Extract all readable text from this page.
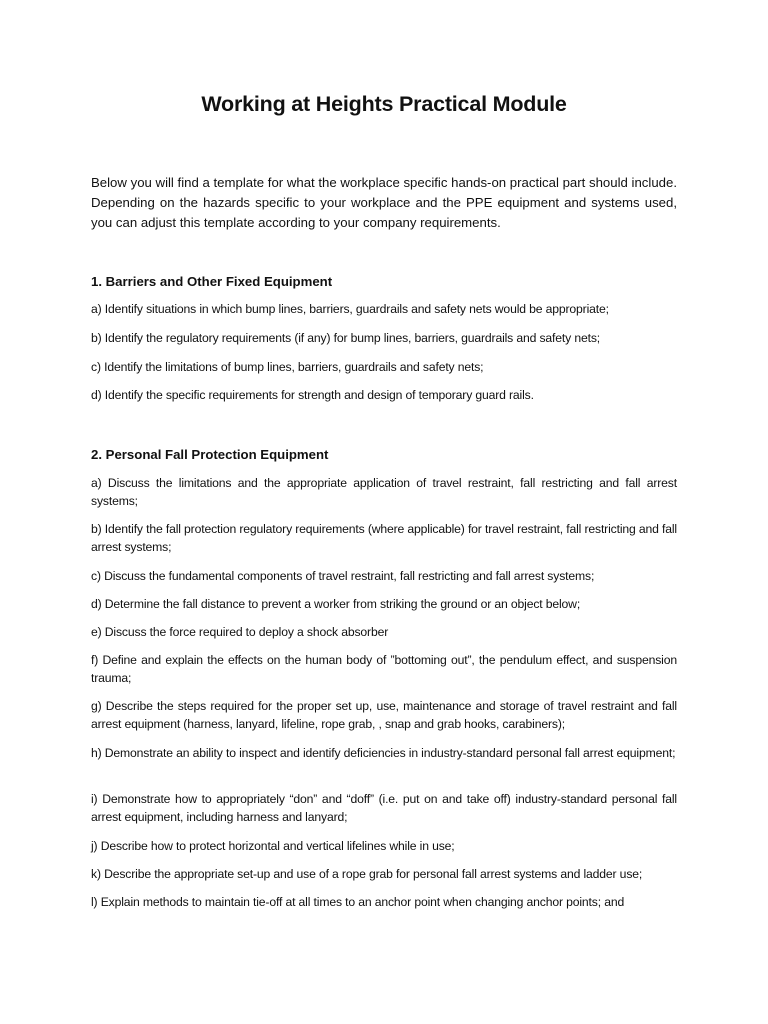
Working at Heights Practical Module

Below you will find a template for what the workplace specific hands-on practical part should include. Depending on the hazards specific to your workplace and the PPE equipment and systems used, you can adjust this template according to your company requirements.

1. Barriers and Other Fixed Equipment

a) Identify situations in which bump lines, barriers, guardrails and safety nets would be appropriate;

b) Identify the regulatory requirements (if any) for bump lines, barriers, guardrails and safety nets;

c) Identify the limitations of bump lines, barriers, guardrails and safety nets;

d) Identify the specific requirements for strength and design of temporary guard rails.

2. Personal Fall Protection Equipment

a) Discuss the limitations and the appropriate application of travel restraint, fall restricting and fall arrest systems;

b) Identify the fall protection regulatory requirements (where applicable) for travel restraint, fall restricting and fall arrest systems;

c) Discuss the fundamental components of travel restraint, fall restricting and fall arrest systems;

d) Determine the fall distance to prevent a worker from striking the ground or an object below;

e) Discuss the force required to deploy a shock absorber

f) Define and explain the effects on the human body of ”bottoming out”, the pendulum effect, and suspension trauma;

g) Describe the steps required for the proper set up, use, maintenance and storage of travel restraint and fall arrest equipment (harness, lanyard, lifeline, rope grab, , snap and grab hooks, carabiners);

h) Demonstrate an ability to inspect and identify deficiencies in industry-standard personal fall arrest equipment;

i) Demonstrate how to appropriately “don” and “doff” (i.e. put on and take off) industry-standard personal fall arrest equipment, including harness and lanyard;

j) Describe how to protect horizontal and vertical lifelines while in use;

k) Describe the appropriate set-up and use of a rope grab for personal fall arrest systems and ladder use;

l) Explain methods to maintain tie-off at all times to an anchor point when changing anchor points; and
